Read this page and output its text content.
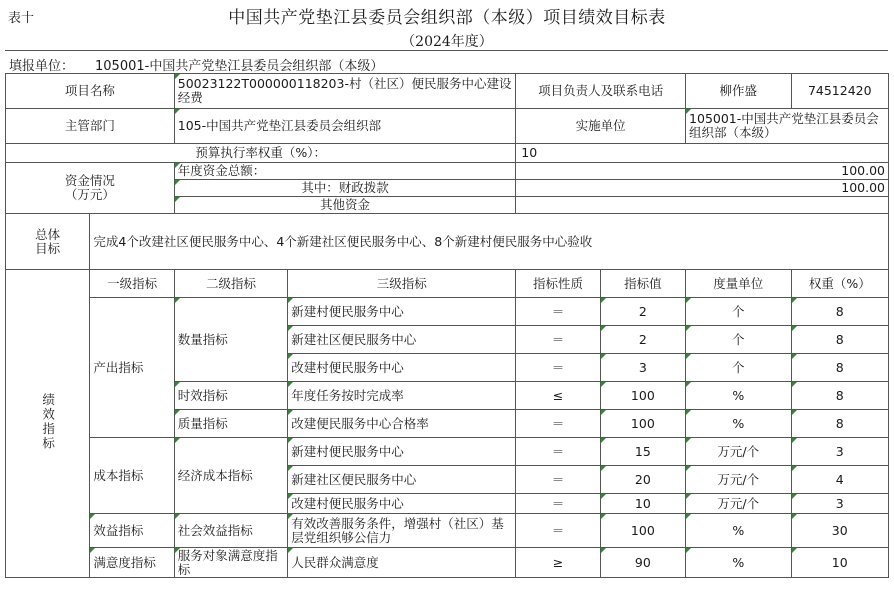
表十	中国共产党垫江县委员会组织部（本级）项目绩效目标表
（2024年度）
填报单位： 105001-中国共产党垫江县委员会组织部（本级）
项目名称		50023122T000000118203-村（社区）便民服务中心建设经费		项目负责人及联系电话		柳作盛	74512420
主管部门		105-中国共产党垫江县委员会组织部		实施单位		105001-中国共产党垫江县委员会组织部（本级）	
预算执行率权重（%）：				10			
资金情况
（万元）		年度资金总额：		100.00			
		其中：财政拨款		100.00			
		其他资金					
总体
目标	完成4个改建社区便民服务中心、4个新建社区便民服务中心、8个新建村便民服务中心验收						
绩效指标	一级指标	二级指标	三级指标	指标性质	指标值	度量单位	权重（%）
	产出指标	数量指标	新建村便民服务中心	＝	2	个	8
			新建社区便民服务中心	＝	2	个	8
			改建村便民服务中心	＝	3	个	8
		时效指标	年度任务按时完成率	≤	100	%	8
		质量指标	改建便民服务中心合格率	＝	100	%	8
	成本指标	经济成本指标	新建村便民服务中心	＝	15	万元/个	3
			新建社区便民服务中心	＝	20	万元/个	4
			改建村便民服务中心	＝	10	万元/个	3
	效益指标	社会效益指标	有效改善服务条件，增强村（社区）基层党组织够公信力	＝	100	%	30
	满意度指标	服务对象满意度指标	人民群众满意度	≥	90	%	10
